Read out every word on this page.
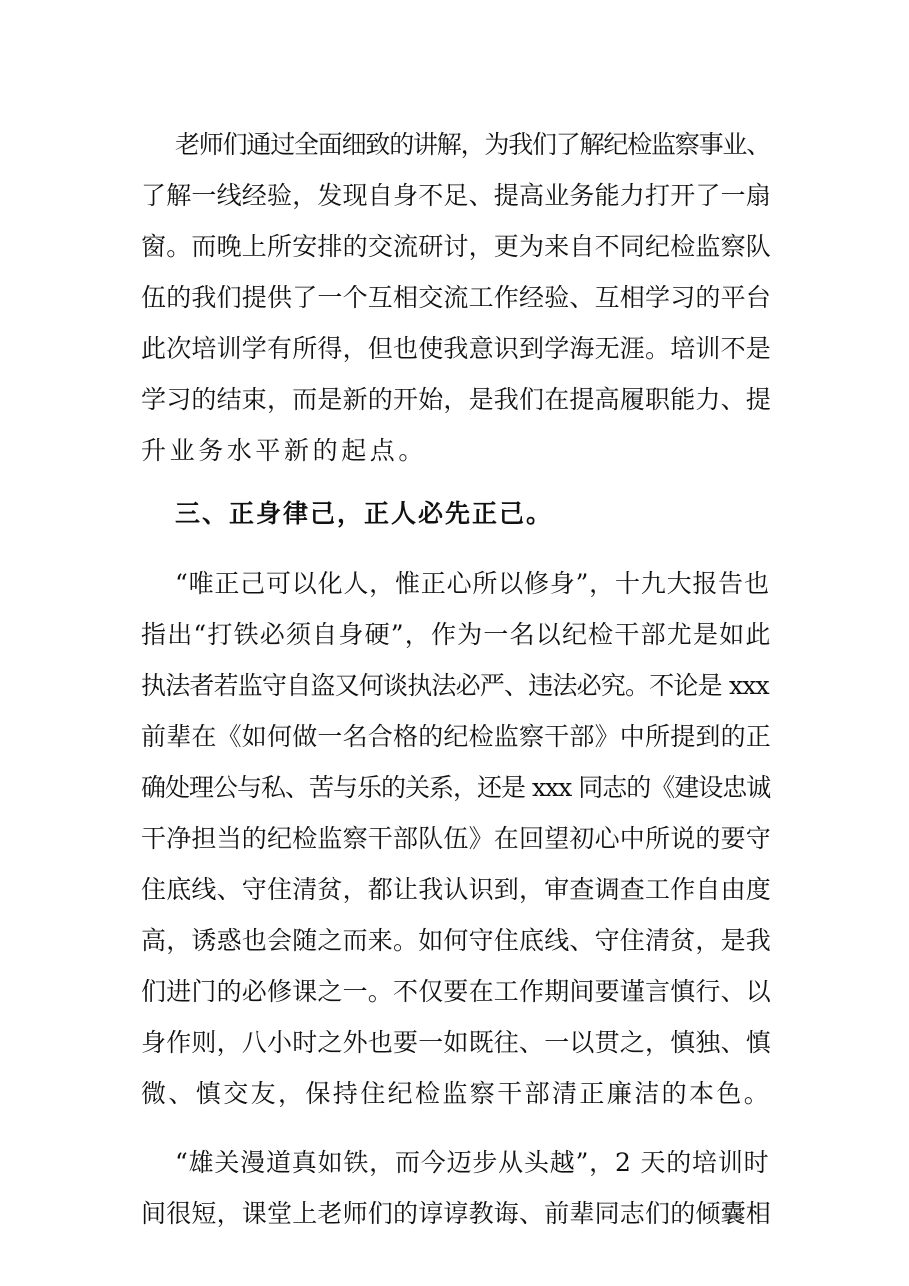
老师们通过全面细致的讲解，为我们了解纪检监察事业、
了解一线经验，发现自身不足、提高业务能力打开了一扇
窗。而晚上所安排的交流研讨，更为来自不同纪检监察队
伍的我们提供了一个互相交流工作经验、互相学习的平台
此次培训学有所得，但也使我意识到学海无涯。培训不是
学习的结束，而是新的开始，是我们在提高履职能力、提
升业务水平新的起点。
三、正身律己，正人必先正己。
“唯正己可以化人，惟正心所以修身”，十九大报告也
指出“打铁必须自身硬”，作为一名以纪检干部尤是如此
执法者若监守自盗又何谈执法必严、违法必究。不论是 xxx
前辈在《如何做一名合格的纪检监察干部》中所提到的正
确处理公与私、苦与乐的关系，还是 xxx 同志的《建设忠诚
干净担当的纪检监察干部队伍》在回望初心中所说的要守
住底线、守住清贫，都让我认识到，审查调查工作自由度
高，诱惑也会随之而来。如何守住底线、守住清贫，是我
们进门的必修课之一。不仅要在工作期间要谨言慎行、以
身作则，八小时之外也要一如既往、一以贯之，慎独、慎
微、慎交友，保持住纪检监察干部清正廉洁的本色。
“雄关漫道真如铁，而今迈步从头越”，2 天的培训时
间很短，课堂上老师们的谆谆教诲、前辈同志们的倾囊相
